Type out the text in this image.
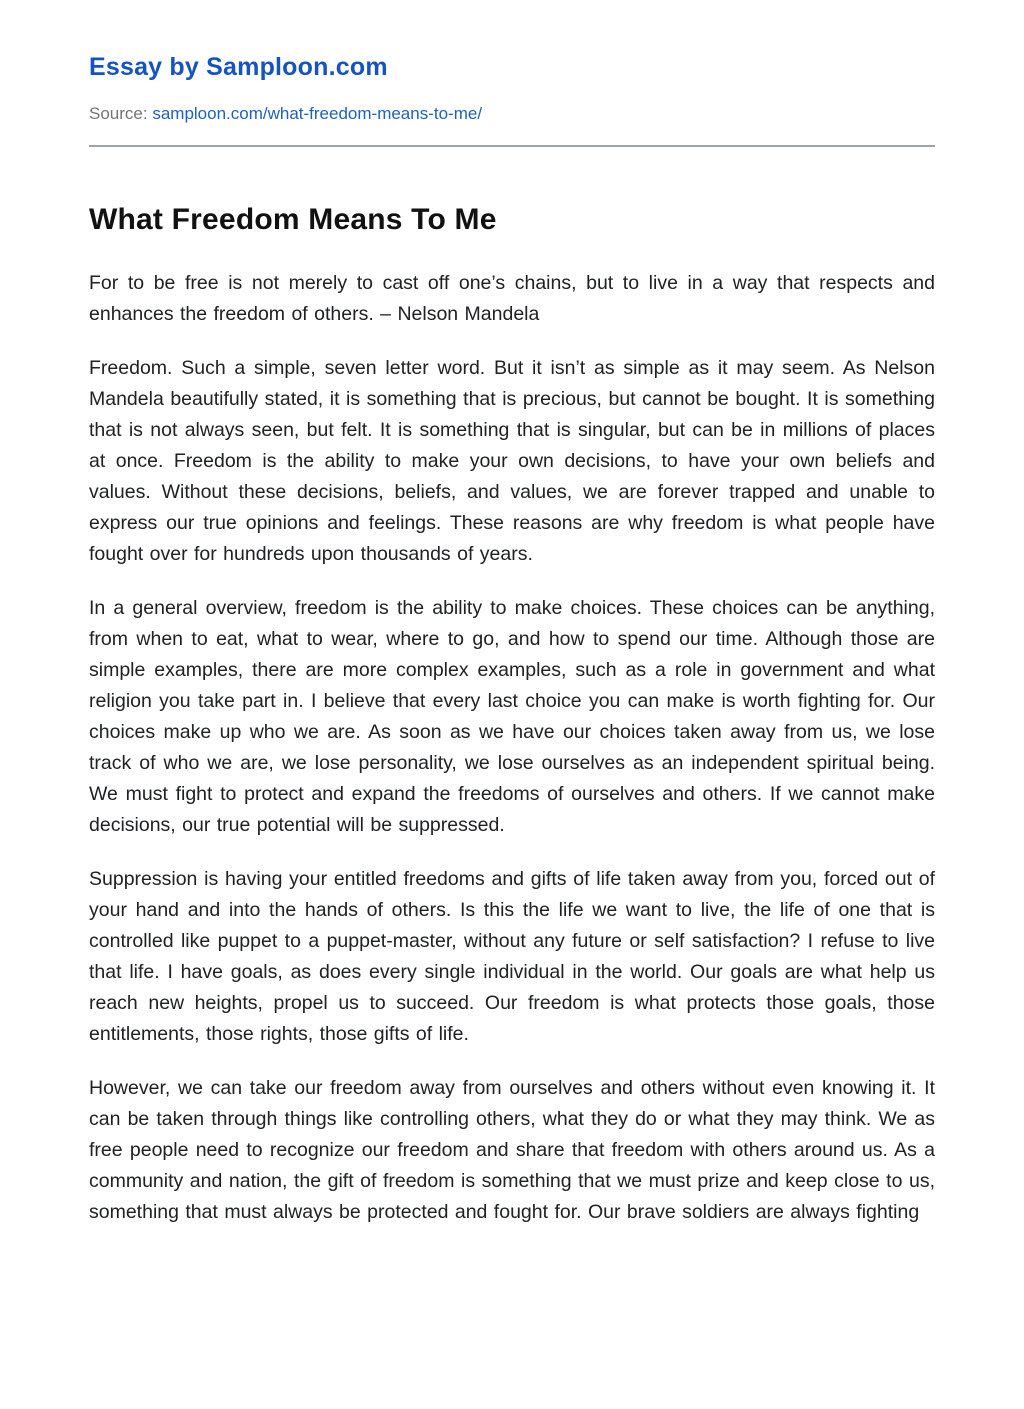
Essay by Samploon.com
Source: samploon.com/what-freedom-means-to-me/
What Freedom Means To Me

For to be free is not merely to cast off one’s chains, but to live in a way that respects and enhances the freedom of others. – Nelson Mandela

Freedom. Such a simple, seven letter word. But it isn’t as simple as it may seem. As Nelson Mandela beautifully stated, it is something that is precious, but cannot be bought. It is something that is not always seen, but felt. It is something that is singular, but can be in millions of places at once. Freedom is the ability to make your own decisions, to have your own beliefs and values. Without these decisions, beliefs, and values, we are forever trapped and unable to express our true opinions and feelings. These reasons are why freedom is what people have fought over for hundreds upon thousands of years.

In a general overview, freedom is the ability to make choices. These choices can be anything, from when to eat, what to wear, where to go, and how to spend our time. Although those are simple examples, there are more complex examples, such as a role in government and what religion you take part in. I believe that every last choice you can make is worth fighting for. Our choices make up who we are. As soon as we have our choices taken away from us, we lose track of who we are, we lose personality, we lose ourselves as an independent spiritual being. We must fight to protect and expand the freedoms of ourselves and others. If we cannot make decisions, our true potential will be suppressed.

Suppression is having your entitled freedoms and gifts of life taken away from you, forced out of your hand and into the hands of others. Is this the life we want to live, the life of one that is controlled like puppet to a puppet-master, without any future or self satisfaction? I refuse to live that life. I have goals, as does every single individual in the world. Our goals are what help us reach new heights, propel us to succeed. Our freedom is what protects those goals, those entitlements, those rights, those gifts of life.

However, we can take our freedom away from ourselves and others without even knowing it. It can be taken through things like controlling others, what they do or what they may think. We as free people need to recognize our freedom and share that freedom with others around us. As a community and nation, the gift of freedom is something that we must prize and keep close to us, something that must always be protected and fought for. Our brave soldiers are always fighting
